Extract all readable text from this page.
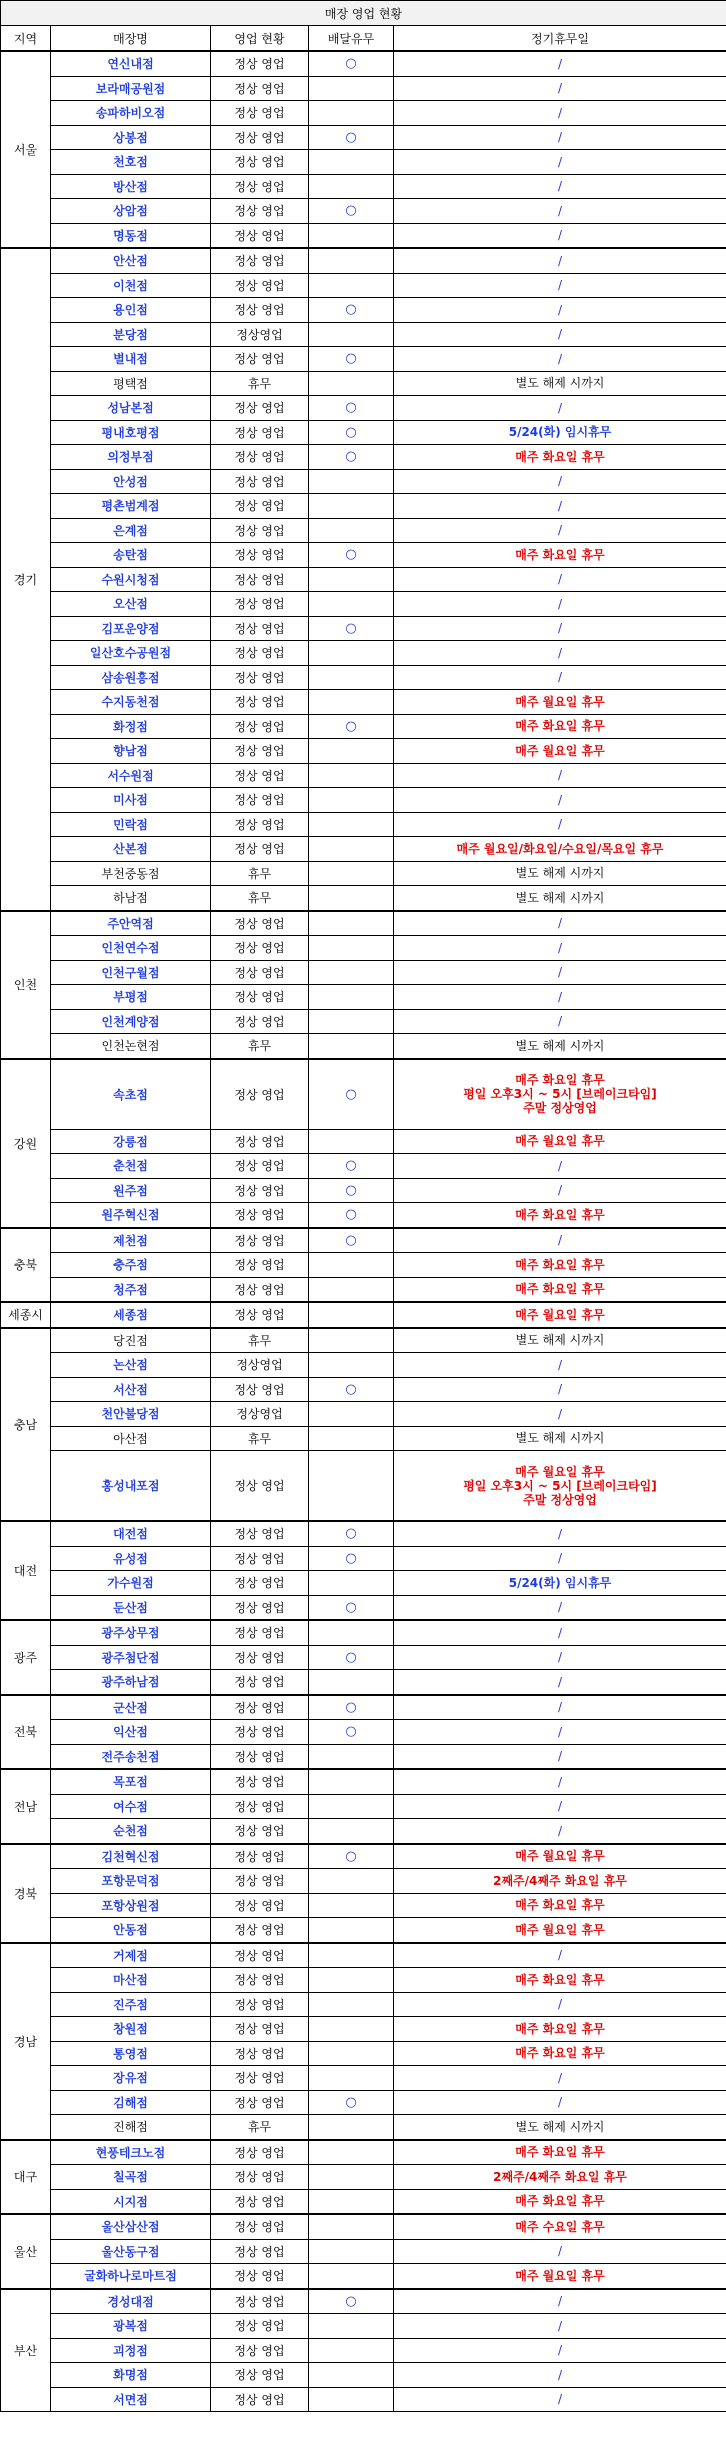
매장 영업 현황				
지역	매장명	영업 현황	배달유무	정기휴무일
서울	연신내점	정상 영업	○	/
	보라매공원점	정상 영업		/
	송파하비오점	정상 영업		/
	상봉점	정상 영업	○	/
	천호점	정상 영업		/
	방산점	정상 영업		/
	상암점	정상 영업	○	/
	명동점	정상 영업		/
경기	안산점	정상 영업		/
	이천점	정상 영업		/
	용인점	정상 영업	○	/
	분당점	정상영업		/
	별내점	정상 영업	○	/
	평택점	휴무		별도 해제 시까지
	성남본점	정상 영업	○	/
	평내호평점	정상 영업	○	5/24(화) 임시휴무
	의정부점	정상 영업	○	매주 화요일 휴무
	안성점	정상 영업		/
	평촌범계점	정상 영업		/
	은계점	정상 영업		/
	송탄점	정상 영업	○	매주 화요일 휴무
	수원시청점	정상 영업		/
	오산점	정상 영업		/
	김포운양점	정상 영업	○	/
	일산호수공원점	정상 영업		/
	삼송원흥점	정상 영업		/
	수지동천점	정상 영업		매주 월요일 휴무
	화정점	정상 영업	○	매주 화요일 휴무
	향남점	정상 영업		매주 월요일 휴무
	서수원점	정상 영업		/
	미사점	정상 영업		/
	민락점	정상 영업		/
	산본점	정상 영업		매주 월요일/화요일/수요일/목요일 휴무
	부천중동점	휴무		별도 해제 시까지
	하남점	휴무		별도 해제 시까지
인천	주안역점	정상 영업		/
	인천연수점	정상 영업		/
	인천구월점	정상 영업		/
	부평점	정상 영업		/
	인천계양점	정상 영업		/
	인천논현점	휴무		별도 해제 시까지
강원	속초점	정상 영업	○	매주 화요일 휴무
평일 오후3시 ~ 5시 [브레이크타임]
주말 정상영업
	강릉점	정상 영업		매주 월요일 휴무
	춘천점	정상 영업	○	/
	원주점	정상 영업	○	/
	원주혁신점	정상 영업	○	매주 화요일 휴무
충북	제천점	정상 영업	○	/
	충주점	정상 영업		매주 화요일 휴무
	청주점	정상 영업		매주 화요일 휴무
세종시	세종점	정상 영업		매주 월요일 휴무
충남	당진점	휴무		별도 해제 시까지
	논산점	정상영업		/
	서산점	정상 영업	○	/
	천안불당점	정상영업		/
	아산점	휴무		별도 해제 시까지
	홍성내포점	정상 영업		매주 월요일 휴무
평일 오후3시 ~ 5시 [브레이크타임]
주말 정상영업
대전	대전점	정상 영업	○	/
	유성점	정상 영업	○	/
	가수원점	정상 영업		5/24(화) 임시휴무
	둔산점	정상 영업	○	/
광주	광주상무점	정상 영업		/
	광주첨단점	정상 영업	○	/
	광주하남점	정상 영업		/
전북	군산점	정상 영업	○	/
	익산점	정상 영업	○	/
	전주송천점	정상 영업		/
전남	목포점	정상 영업		/
	여수점	정상 영업		/
	순천점	정상 영업		/
경북	김천혁신점	정상 영업	○	매주 월요일 휴무
	포항문덕점	정상 영업		2째주/4째주 화요일 휴무
	포항상원점	정상 영업		매주 화요일 휴무
	안동점	정상 영업		매주 월요일 휴무
경남	거제점	정상 영업		/
	마산점	정상 영업		매주 화요일 휴무
	진주점	정상 영업		/
	창원점	정상 영업		매주 화요일 휴무
	통영점	정상 영업		매주 화요일 휴무
	장유점	정상 영업		/
	김해점	정상 영업	○	/
	진해점	휴무		별도 해제 시까지
대구	현풍테크노점	정상 영업		매주 화요일 휴무
	칠곡점	정상 영업		2째주/4째주 화요일 휴무
	시지점	정상 영업		매주 화요일 휴무
울산	울산삼산점	정상 영업		매주 수요일 휴무
	울산동구점	정상 영업		/
	굴화하나로마트점	정상 영업		매주 월요일 휴무
부산	경성대점	정상 영업	○	/
	광복점	정상 영업		/
	괴정점	정상 영업		/
	화명점	정상 영업		/
	서면점	정상 영업		/
